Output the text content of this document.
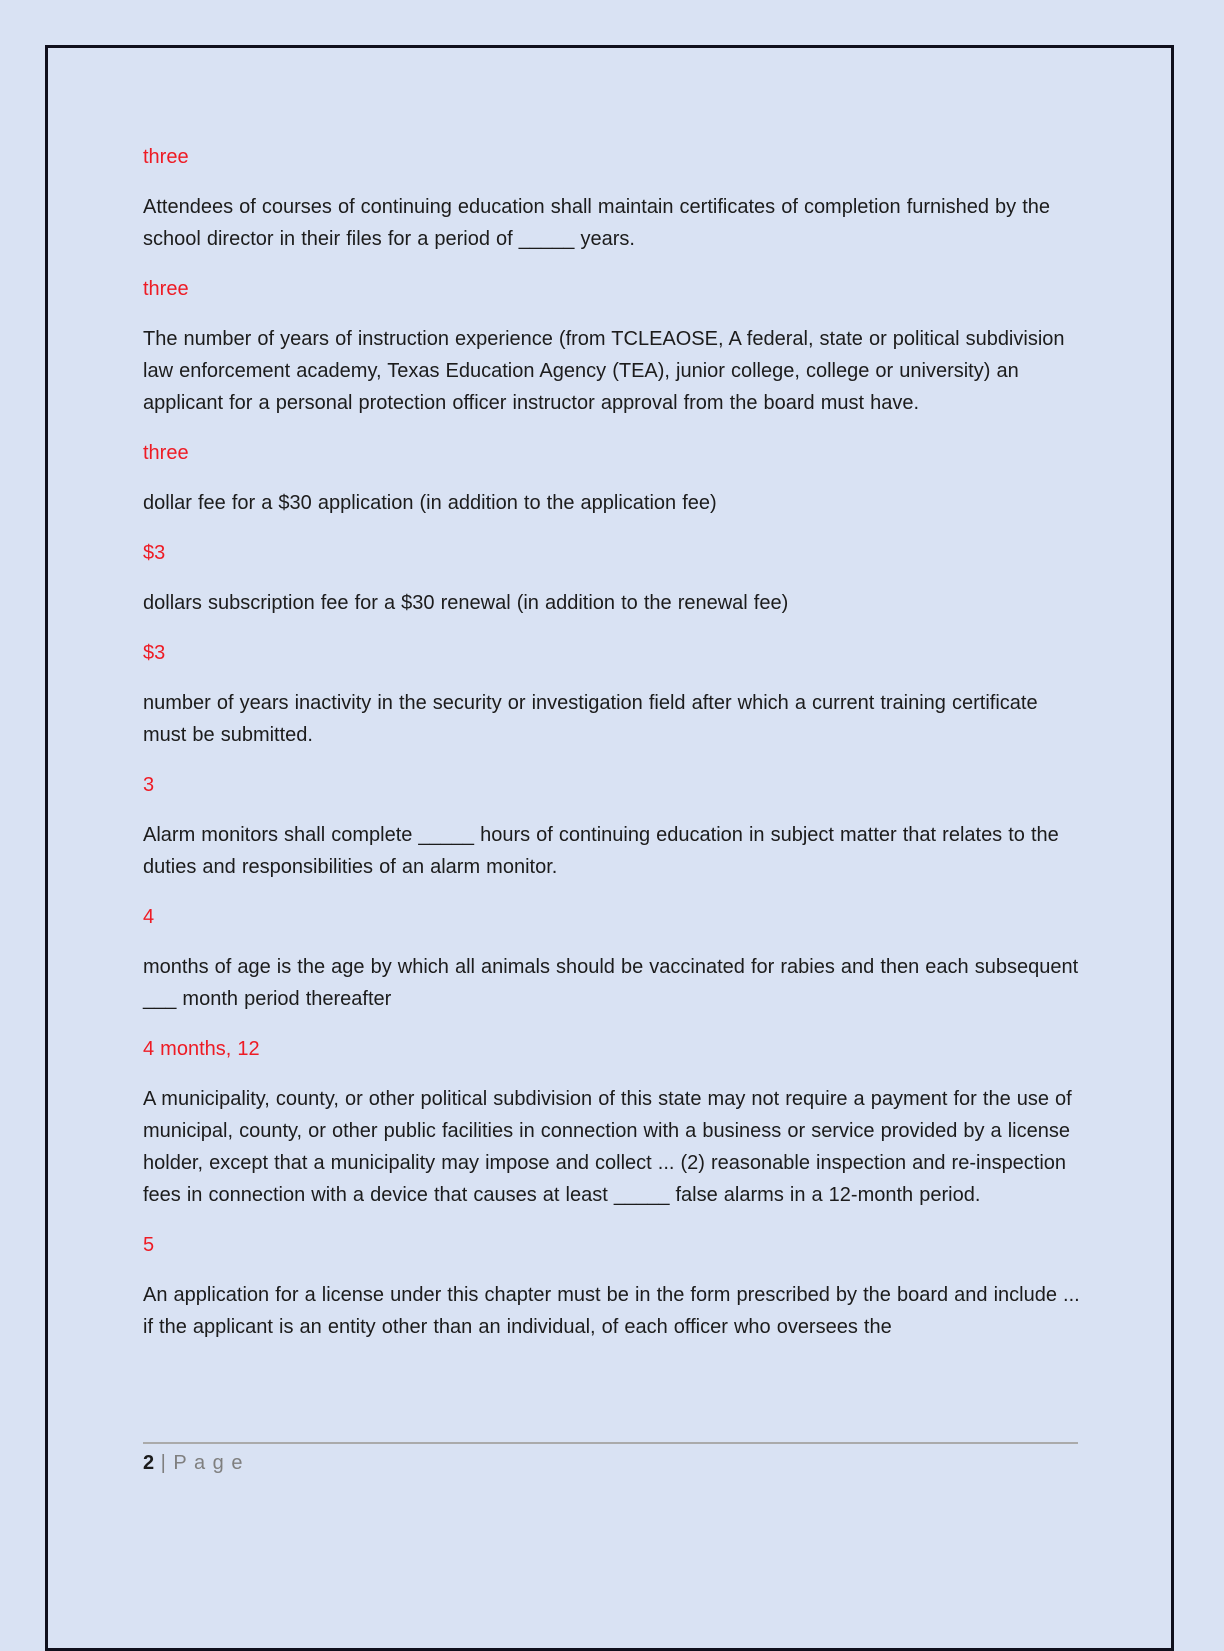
three

Attendees of courses of continuing education shall maintain certificates of completion furnished by the school director in their files for a period of _____ years.

three

The number of years of instruction experience (from TCLEAOSE, A federal, state or political subdivision law enforcement academy, Texas Education Agency (TEA), junior college, college or university) an applicant for a personal protection officer instructor approval from the board must have.

three

dollar fee for a $30 application (in addition to the application fee)

$3

dollars subscription fee for a $30 renewal (in addition to the renewal fee)

$3

number of years inactivity in the security or investigation field after which a current training certificate must be submitted.

3

Alarm monitors shall complete _____ hours of continuing education in subject matter that relates to the duties and responsibilities of an alarm monitor.

4

months of age is the age by which all animals should be vaccinated for rabies and then each subsequent ___ month period thereafter

4 months, 12

A municipality, county, or other political subdivision of this state may not require a payment for the use of municipal, county, or other public facilities in connection with a business or service provided by a license holder, except that a municipality may impose and collect ... (2) reasonable inspection and re-inspection fees in connection with a device that causes at least _____ false alarms in a 12-month period.

5

An application for a license under this chapter must be in the form prescribed by the board and include ... if the applicant is an entity other than an individual, of each officer who oversees the

2 | P a g e
